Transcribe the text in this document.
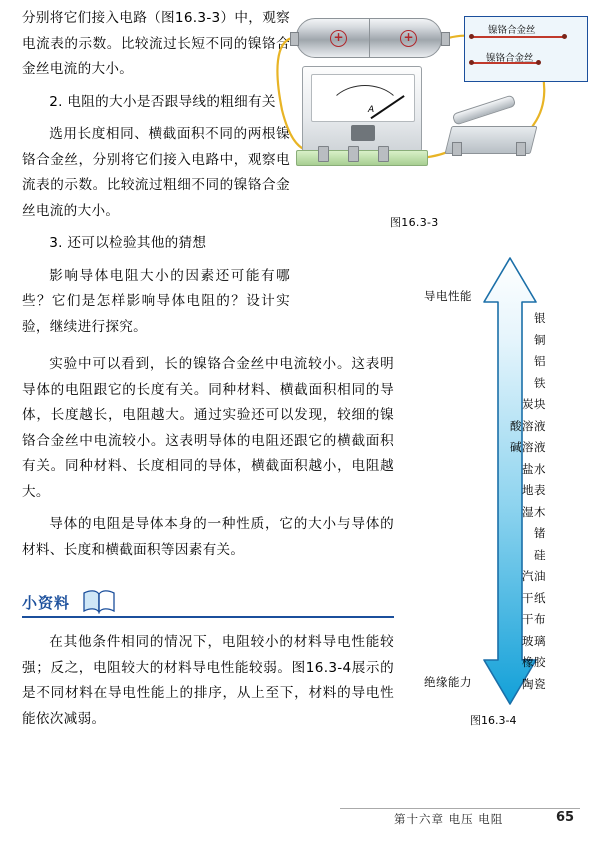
分别将它们接入电路（图16.3-3）中，观察电流表的示数。比较流过长短不同的镍铬合金丝电流的大小。

2. 电阻的大小是否跟导线的粗细有关

选用长度相同、横截面积不同的两根镍铬合金丝，分别将它们接入电路中，观察电流表的示数。比较流过粗细不同的镍铬合金丝电流的大小。

3. 还可以检验其他的猜想

影响导体电阻大小的因素还可能有哪些？它们是怎样影响导体电阻的？设计实验，继续进行探究。

+	+	镍铬合金丝
镍铬合金丝
A
图16.3-3
导电性能
绝缘能力
银
铜
铝
铁
炭块
酸溶液
碱溶液
盐水
地表
湿木
锗
硅
汽油
干纸
干布
玻璃
橡胶
陶瓷
图16.3-4

实验中可以看到，长的镍铬合金丝中电流较小。这表明导体的电阻跟它的长度有关。同种材料、横截面积相同的导体，长度越长，电阻越大。通过实验还可以发现，较细的镍铬合金丝中电流较小。这表明导体的电阻还跟它的横截面积有关。同种材料、长度相同的导体，横截面积越小，电阻越大。

导体的电阻是导体本身的一种性质，它的大小与导体的材料、长度和横截面积等因素有关。

小资料

在其他条件相同的情况下，电阻较小的材料导电性能较强；反之，电阻较大的材料导电性能较弱。图16.3-4展示的是不同材料在导电性能上的排序，从上至下，材料的导电性能依次减弱。

第十六章 电压 电阻	65
